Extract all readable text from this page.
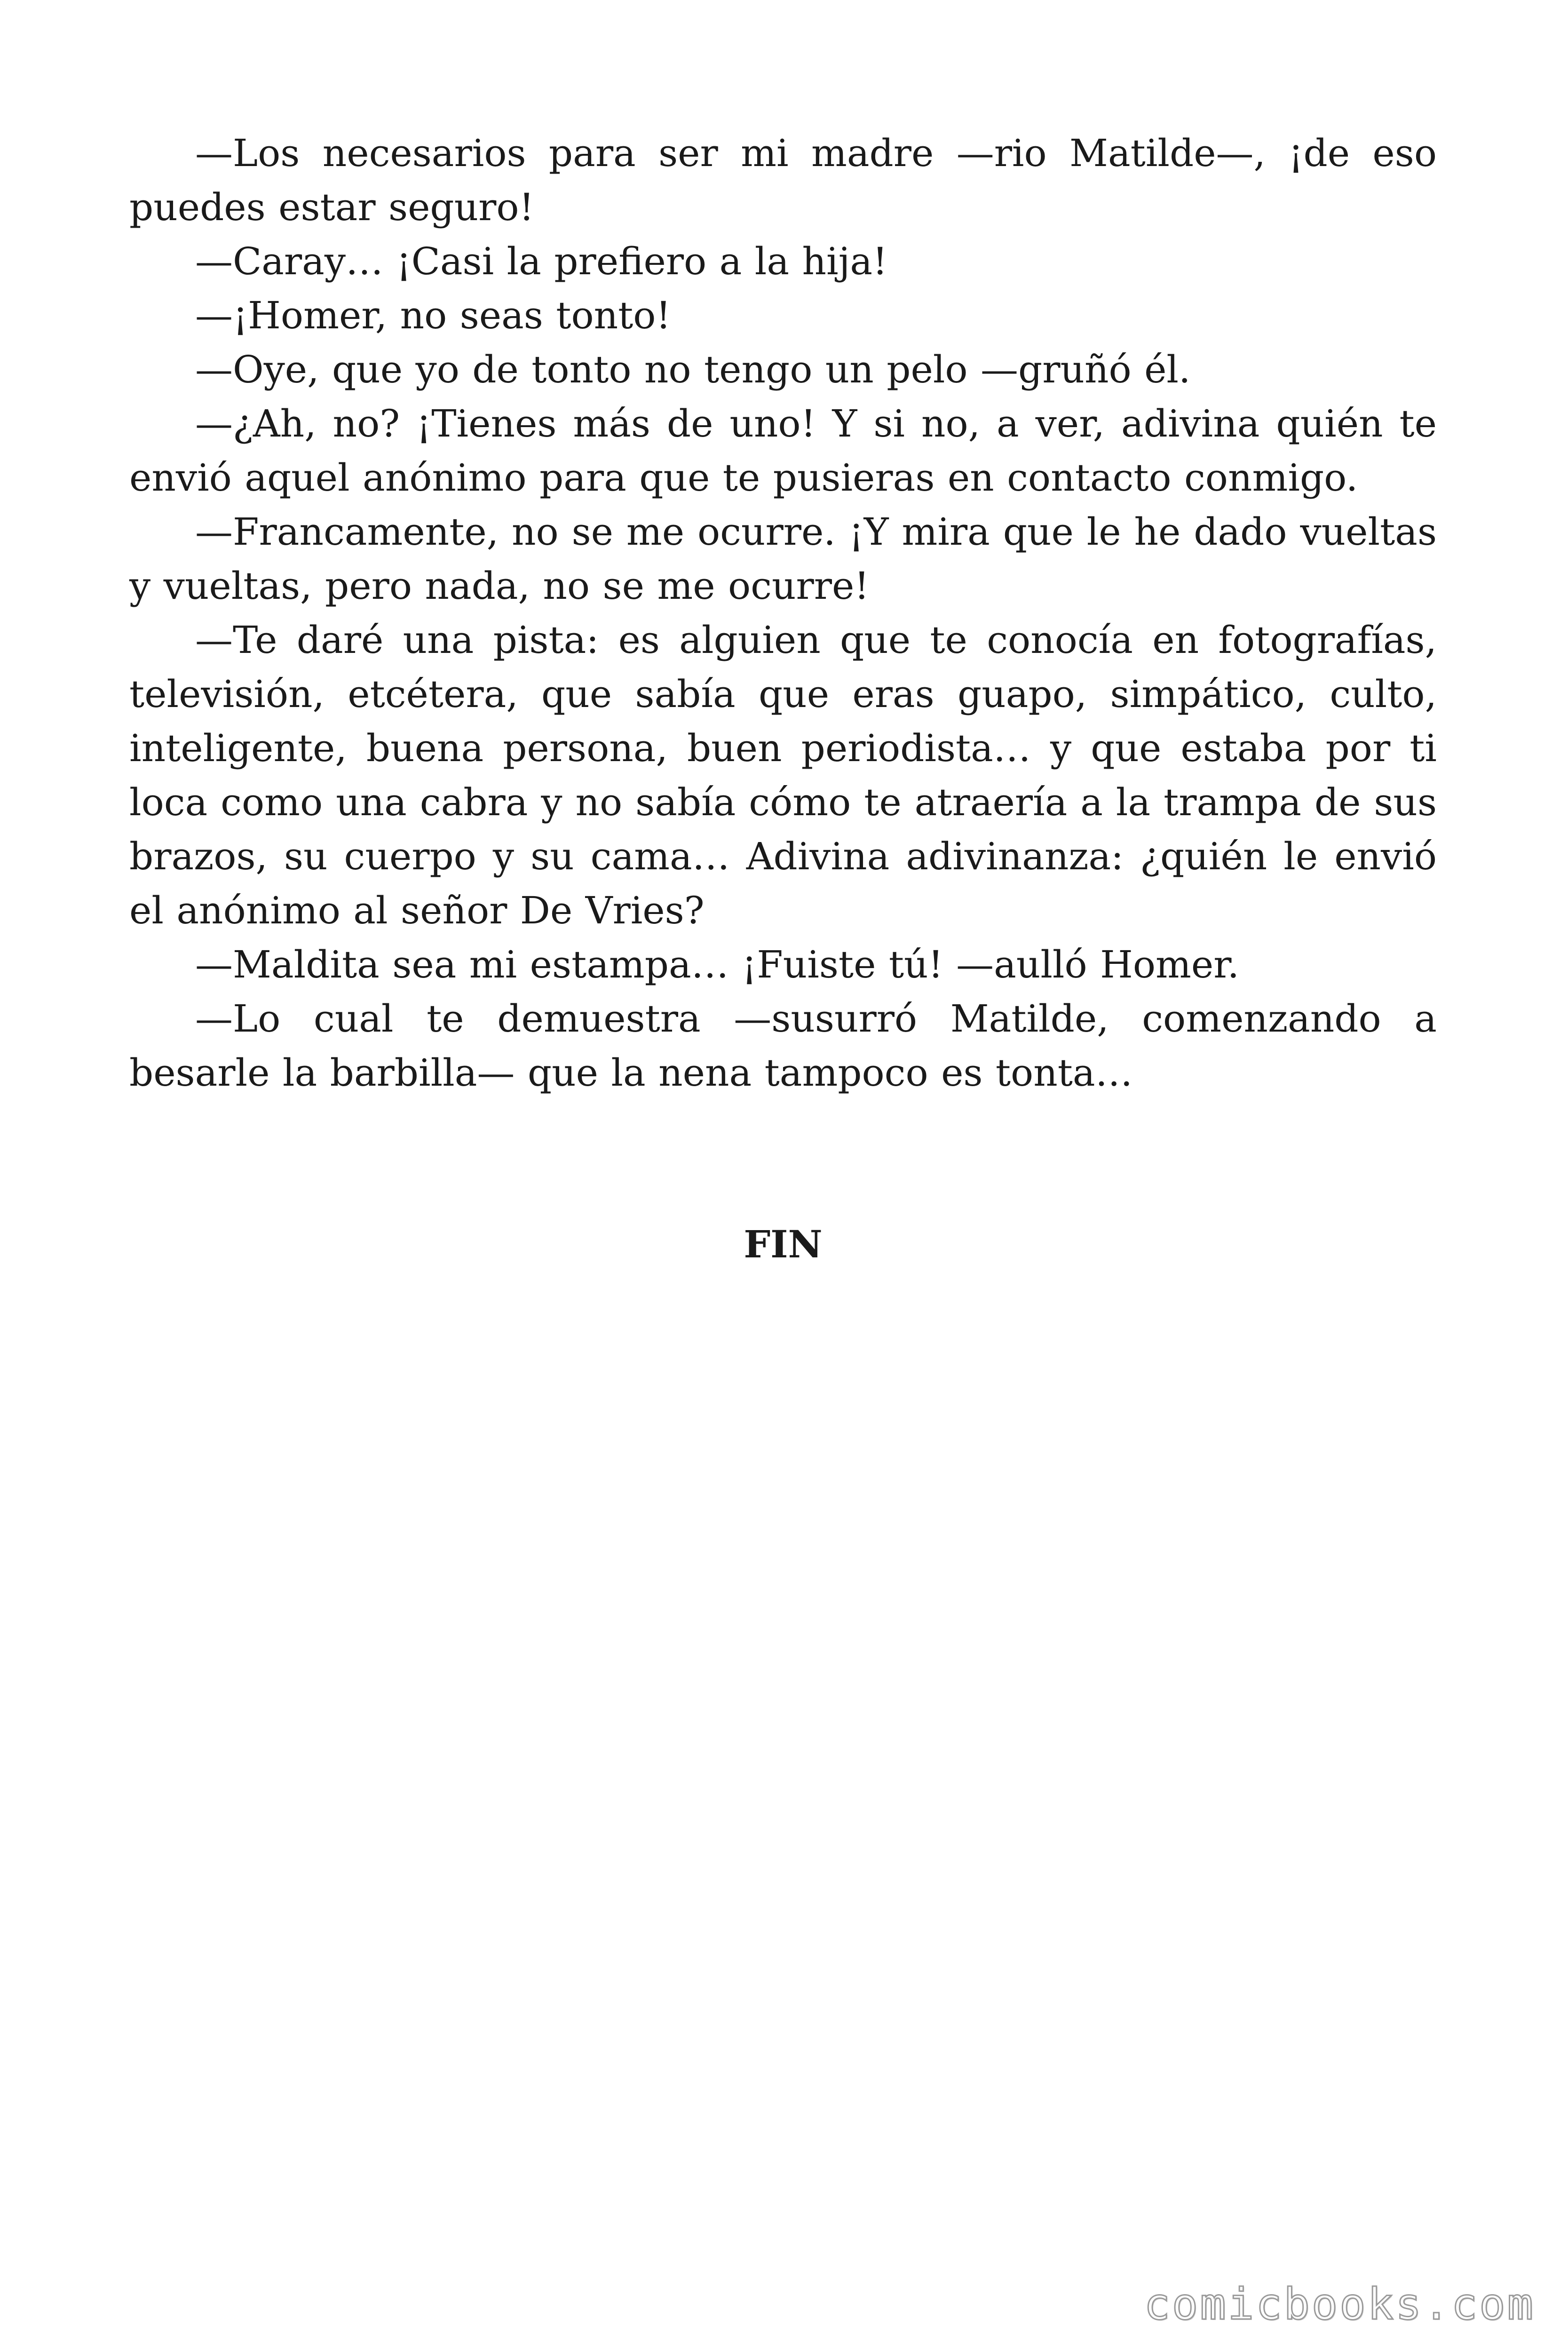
—Los necesarios para ser mi madre —rio Matilde—, ¡de eso puedes estar seguro!

—Caray… ¡Casi la prefiero a la hija!

—¡Homer, no seas tonto!

—Oye, que yo de tonto no tengo un pelo —gruñó él.

—¿Ah, no? ¡Tienes más de uno! Y si no, a ver, adivina quién te envió aquel anónimo para que te pusieras en contacto conmigo.

—Francamente, no se me ocurre. ¡Y mira que le he dado vueltas y vueltas, pero nada, no se me ocurre!

—Te daré una pista: es alguien que te conocía en fotografías, televisión, etcétera, que sabía que eras guapo, simpático, culto, inteligente, buena persona, buen periodista… y que estaba por ti loca como una cabra y no sabía cómo te atraería a la trampa de sus brazos, su cuerpo y su cama… Adivina adivinanza: ¿quién le envió el anónimo al señor De Vries?

—Maldita sea mi estampa… ¡Fuiste tú! —aulló Homer.

—Lo cual te demuestra —susurró Matilde, comenzando a besarle la barbilla— que la nena tampoco es tonta…

FIN
comicbooks.com
